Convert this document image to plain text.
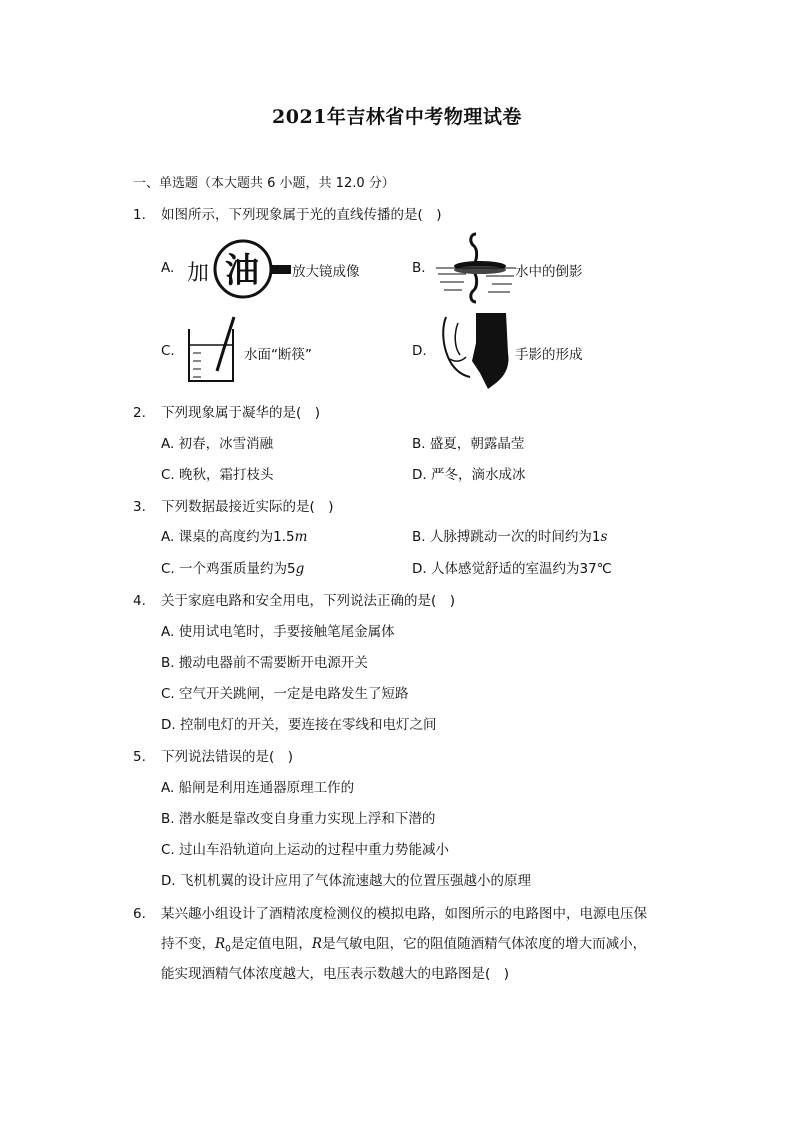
2021年吉林省中考物理试卷
一、单选题（本大题共 6 小题，共 12.0 分）
1. 如图所示，下列现象属于光的直线传播的是(　)
A. 加 油 放大镜成像	B.	水中的倒影
C.	水面“断筷”	D.	手影的形成
2. 下列现象属于凝华的是(　)
A. 初春，冰雪消融	B. 盛夏，朝露晶莹
C. 晚秋，霜打枝头	D. 严冬，滴水成冰
3. 下列数据最接近实际的是(　)
A. 课桌的高度约为1.5m	B. 人脉搏跳动一次的时间约为1s
C. 一个鸡蛋质量约为5g	D. 人体感觉舒适的室温约为37℃
4. 关于家庭电路和安全用电，下列说法正确的是(　)
A. 使用试电笔时，手要接触笔尾金属体
B. 搬动电器前不需要断开电源开关
C. 空气开关跳闸，一定是电路发生了短路
D. 控制电灯的开关，要连接在零线和电灯之间
5. 下列说法错误的是(　)
A. 船闸是利用连通器原理工作的
B. 潜水艇是靠改变自身重力实现上浮和下潜的
C. 过山车沿轨道向上运动的过程中重力势能减小
D. 飞机机翼的设计应用了气体流速越大的位置压强越小的原理
6. 某兴趣小组设计了酒精浓度检测仪的模拟电路，如图所示的电路图中，电源电压保
持不变，$R_0$是定值电阻，R是气敏电阻，它的阻值随酒精气体浓度的增大而减小，
能实现酒精气体浓度越大，电压表示数越大的电路图是(　)
